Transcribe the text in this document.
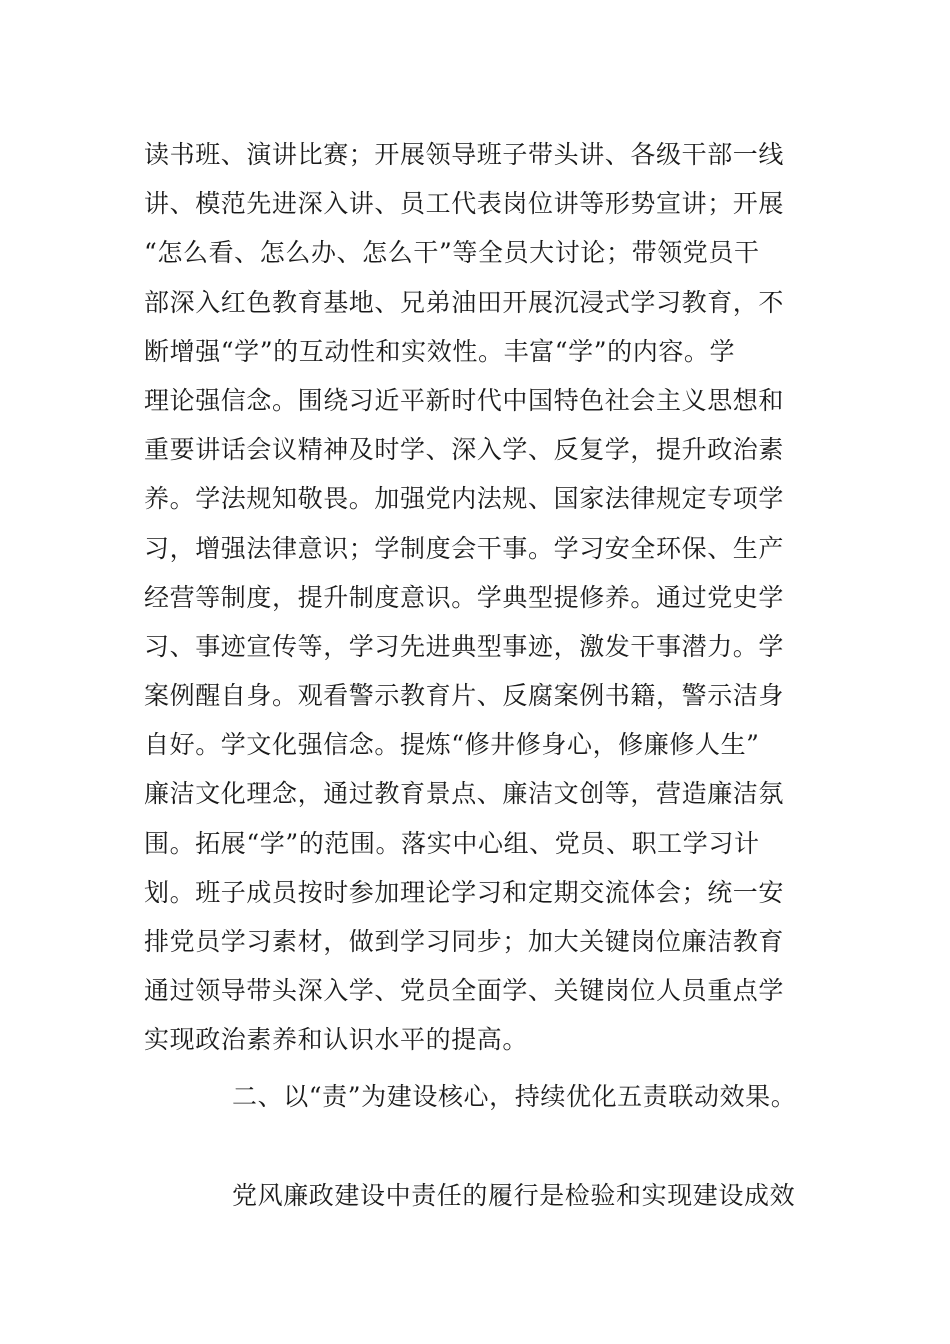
读书班、演讲比赛；开展领导班子带头讲、各级干部一线
讲、模范先进深入讲、员工代表岗位讲等形势宣讲；开展
“怎么看、怎么办、怎么干”等全员大讨论；带领党员干
部深入红色教育基地、兄弟油田开展沉浸式学习教育，不
断增强“学”的互动性和实效性。丰富“学”的内容。学
理论强信念。围绕习近平新时代中国特色社会主义思想和
重要讲话会议精神及时学、深入学、反复学，提升政治素
养。学法规知敬畏。加强党内法规、国家法律规定专项学
习，增强法律意识；学制度会干事。学习安全环保、生产
经营等制度，提升制度意识。学典型提修养。通过党史学
习、事迹宣传等，学习先进典型事迹，激发干事潜力。学
案例醒自身。观看警示教育片、反腐案例书籍，警示洁身
自好。学文化强信念。提炼“修井修身心，修廉修人生”
廉洁文化理念，通过教育景点、廉洁文创等，营造廉洁氛
围。拓展“学”的范围。落实中心组、党员、职工学习计
划。班子成员按时参加理论学习和定期交流体会；统一安
排党员学习素材，做到学习同步；加大关键岗位廉洁教育
通过领导带头深入学、党员全面学、关键岗位人员重点学
实现政治素养和认识水平的提高。
二、以“责”为建设核心，持续优化五责联动效果。
党风廉政建设中责任的履行是检验和实现建设成效
